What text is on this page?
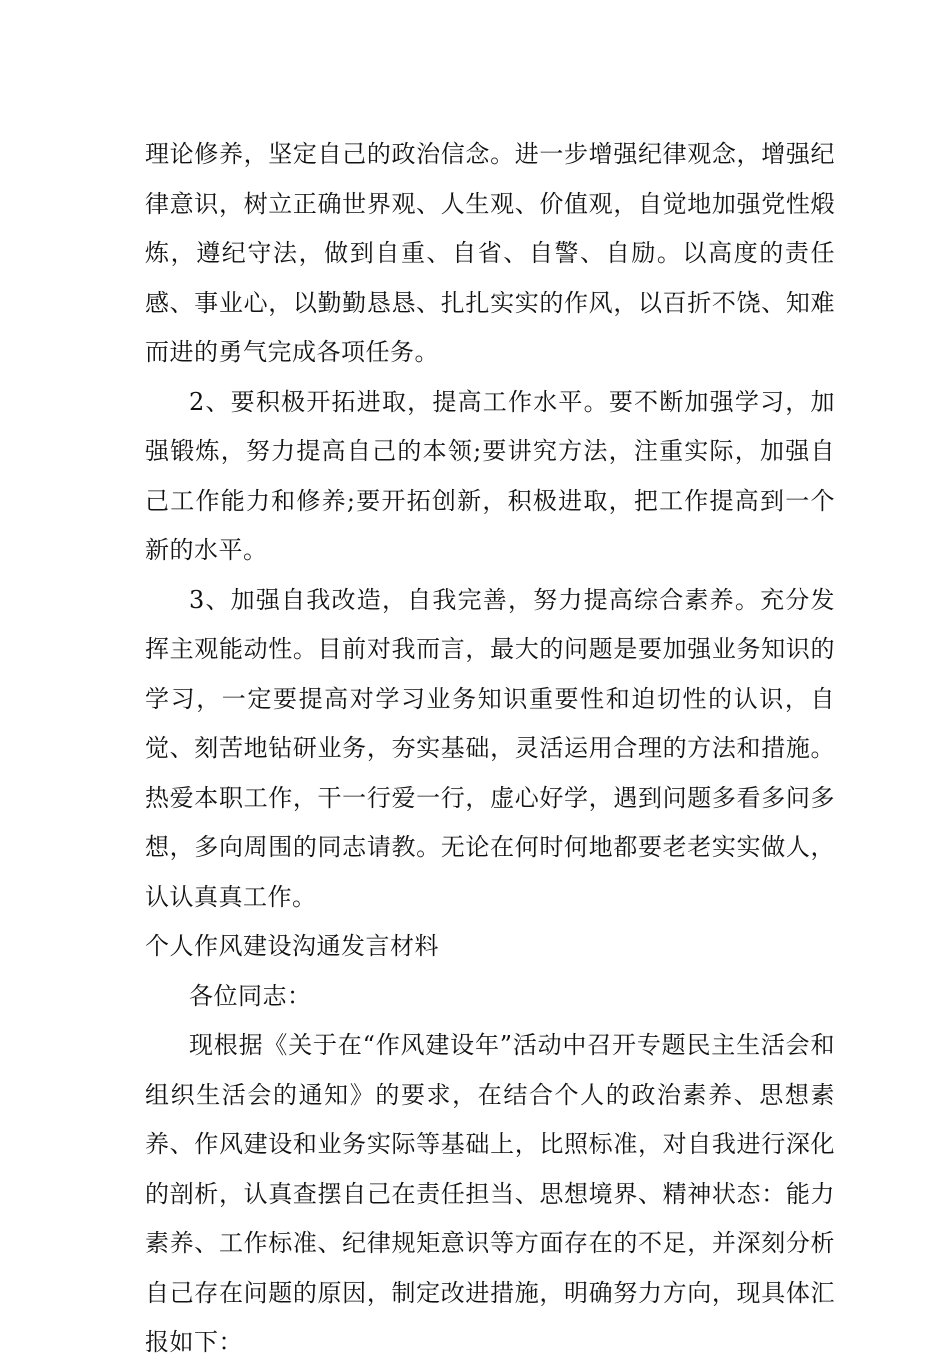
理论修养，坚定自己的政治信念。进一步增强纪律观念，增强纪律意识，树立正确世界观、人生观、价值观，自觉地加强党性煅炼，遵纪守法，做到自重、自省、自警、自励。以高度的责任感、事业心，以勤勤恳恳、扎扎实实的作风，以百折不饶、知难而进的勇气完成各项任务。

2、要积极开拓进取，提高工作水平。要不断加强学习，加强锻炼，努力提高自己的本领;要讲究方法，注重实际，加强自己工作能力和修养;要开拓创新，积极进取，把工作提高到一个新的水平。

3、加强自我改造，自我完善，努力提高综合素养。充分发挥主观能动性。目前对我而言，最大的问题是要加强业务知识的学习，一定要提高对学习业务知识重要性和迫切性的认识，自觉、刻苦地钻研业务，夯实基础，灵活运用合理的方法和措施。热爱本职工作，干一行爱一行，虚心好学，遇到问题多看多问多想，多向周围的同志请教。无论在何时何地都要老老实实做人，认认真真工作。

个人作风建设沟通发言材料

各位同志：

现根据《关于在“作风建设年”活动中召开专题民主生活会和组织生活会的通知》的要求，在结合个人的政治素养、思想素养、作风建设和业务实际等基础上，比照标准，对自我进行深化的剖析，认真查摆自己在责任担当、思想境界、精神状态：能力素养、工作标准、纪律规矩意识等方面存在的不足，并深刻分析自己存在问题的原因，制定改进措施，明确努力方向，现具体汇报如下：
